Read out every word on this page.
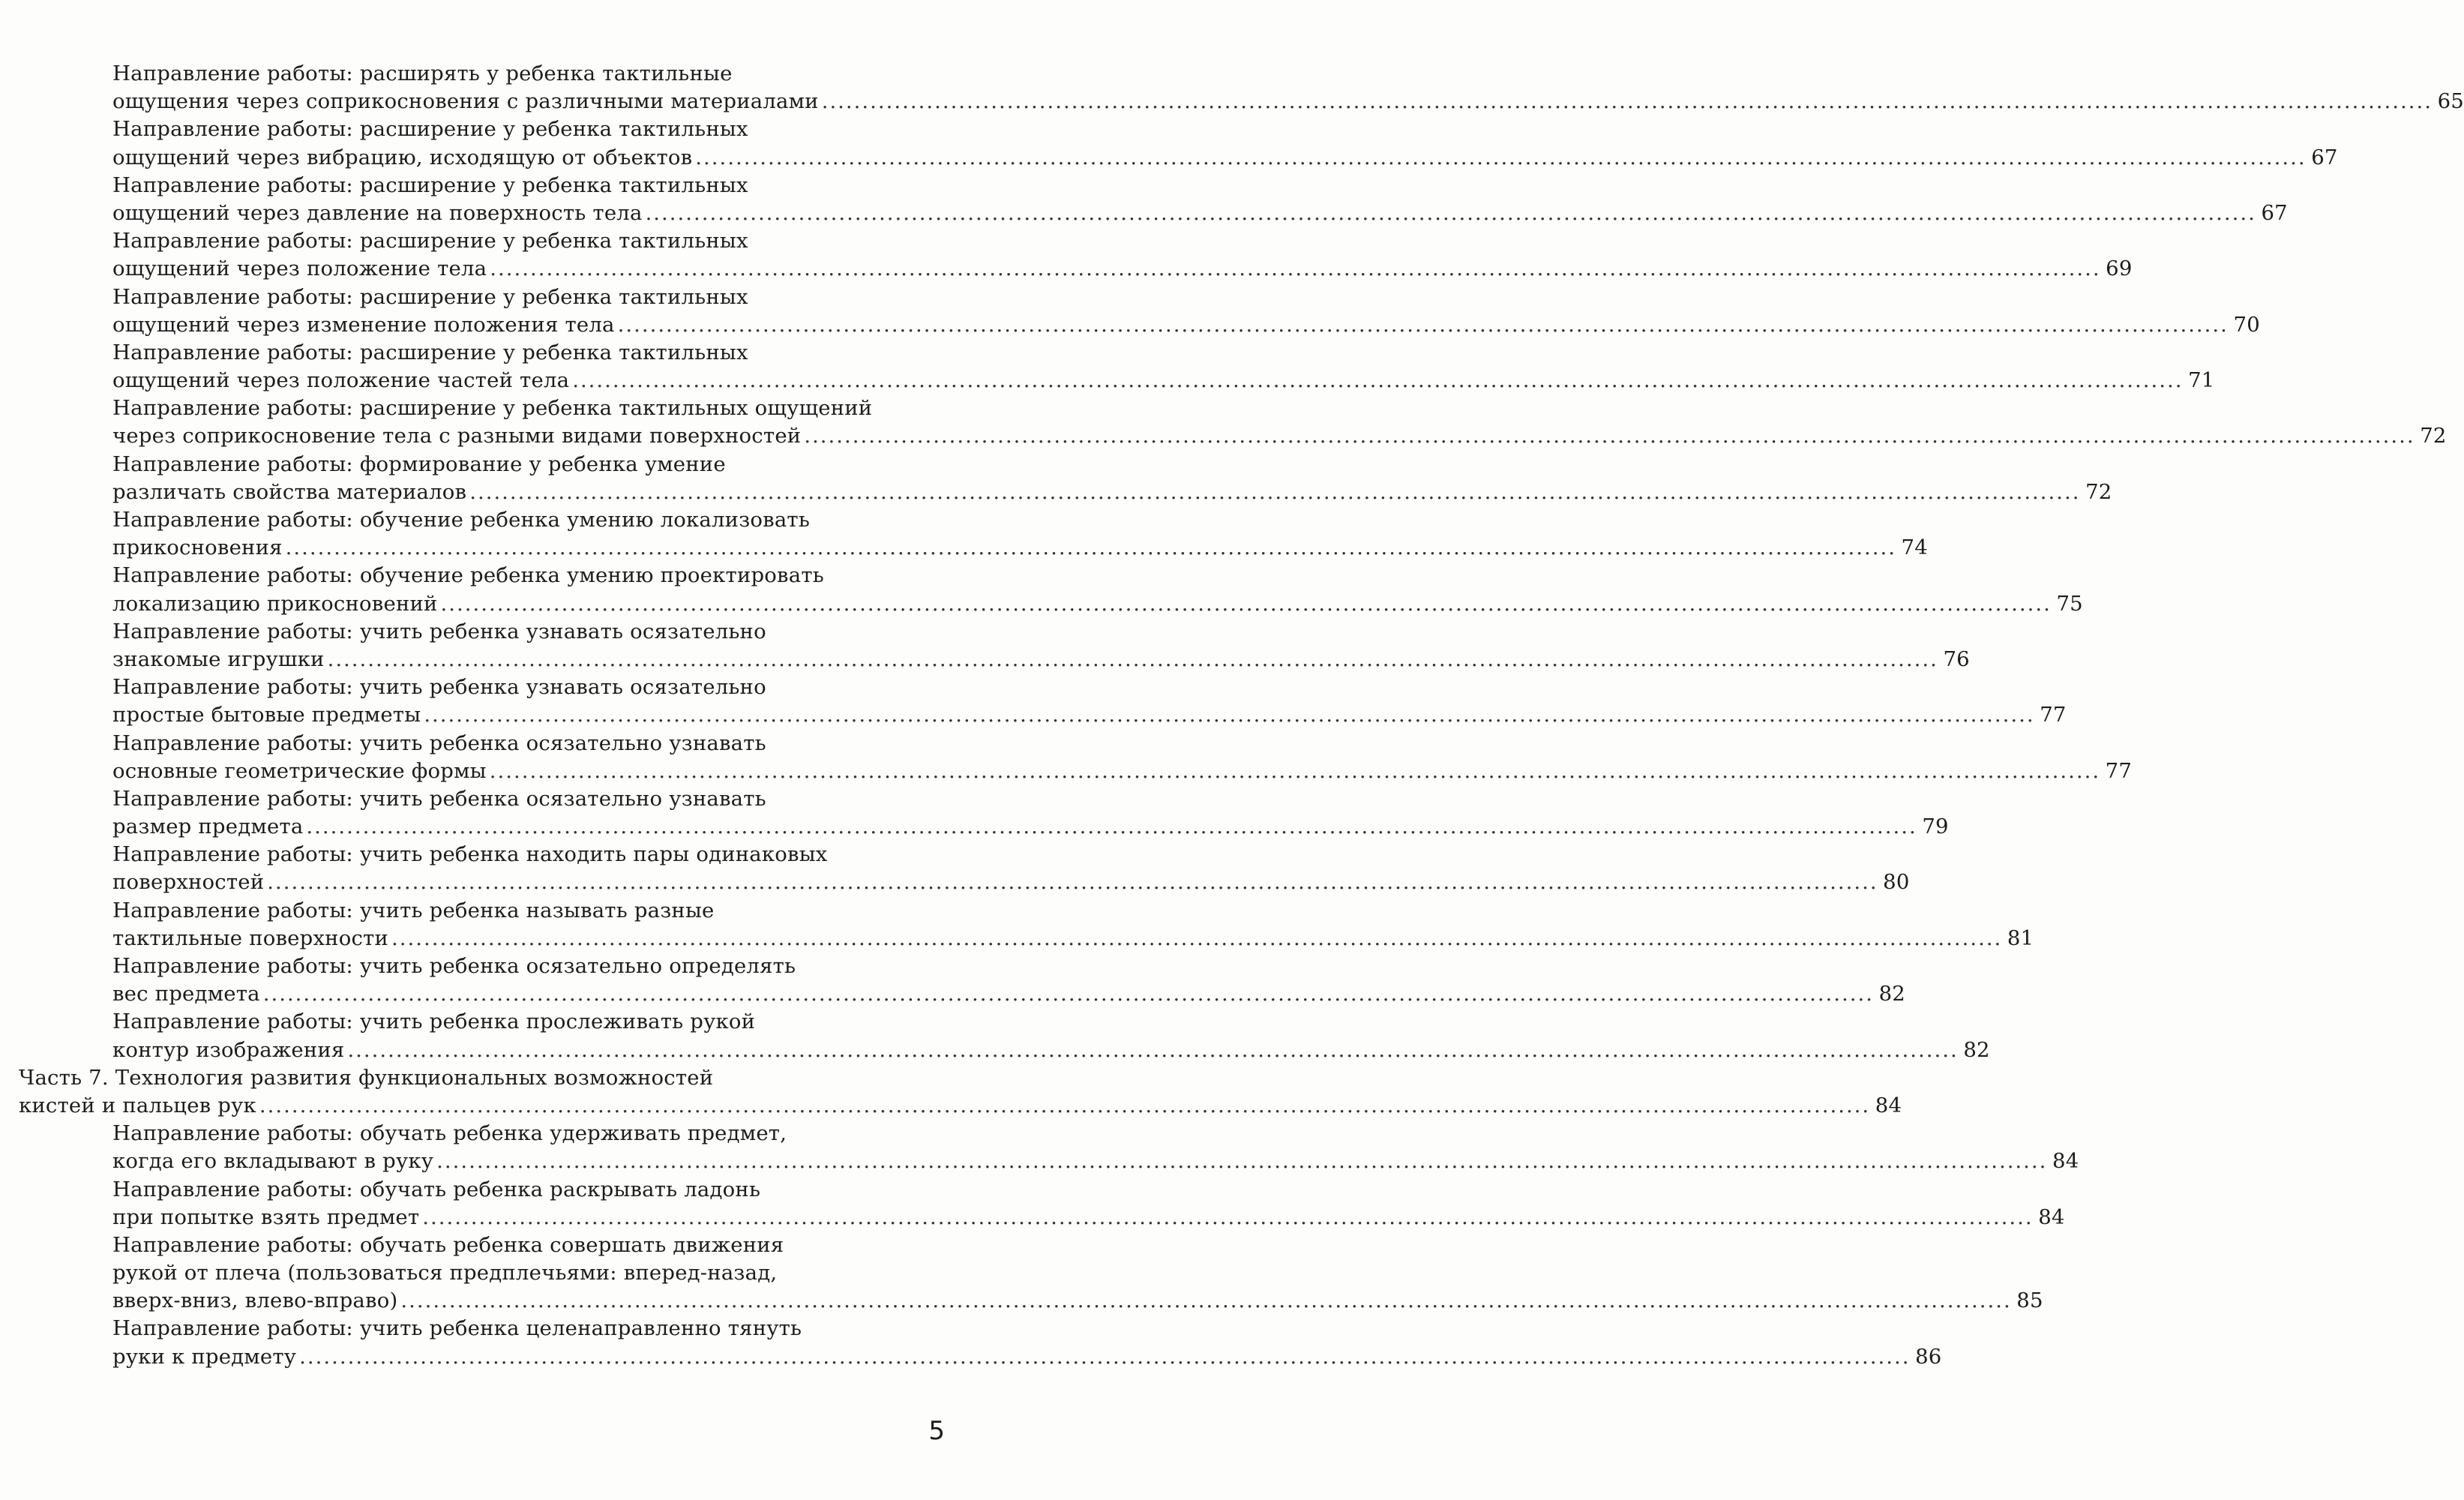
Направление работы: расширять у ребенка тактильные
ощущения через соприкосновения с различными материалами ........................................................................................................................................................................................................ 65
Направление работы: расширение у ребенка тактильных
ощущений через вибрацию, исходящую от объектов ........................................................................................................................................................................................................ 67
Направление работы: расширение у ребенка тактильных
ощущений через давление на поверхность тела ........................................................................................................................................................................................................ 67
Направление работы: расширение у ребенка тактильных
ощущений через положение тела ........................................................................................................................................................................................................ 69
Направление работы: расширение у ребенка тактильных
ощущений через изменение положения тела ........................................................................................................................................................................................................ 70
Направление работы: расширение у ребенка тактильных
ощущений через положение частей тела ........................................................................................................................................................................................................ 71
Направление работы: расширение у ребенка тактильных ощущений
через соприкосновение тела с разными видами поверхностей ........................................................................................................................................................................................................ 72
Направление работы: формирование у ребенка умение
различать свойства материалов ........................................................................................................................................................................................................ 72
Направление работы: обучение ребенка умению локализовать
прикосновения ........................................................................................................................................................................................................ 74
Направление работы: обучение ребенка умению проектировать
локализацию прикосновений ........................................................................................................................................................................................................ 75
Направление работы: учить ребенка узнавать осязательно
знакомые игрушки ........................................................................................................................................................................................................ 76
Направление работы: учить ребенка узнавать осязательно
простые бытовые предметы ........................................................................................................................................................................................................ 77
Направление работы: учить ребенка осязательно узнавать
основные геометрические формы ........................................................................................................................................................................................................ 77
Направление работы: учить ребенка осязательно узнавать
размер предмета ........................................................................................................................................................................................................ 79
Направление работы: учить ребенка находить пары одинаковых
поверхностей ........................................................................................................................................................................................................ 80
Направление работы: учить ребенка называть разные
тактильные поверхности ........................................................................................................................................................................................................ 81
Направление работы: учить ребенка осязательно определять
вес предмета ........................................................................................................................................................................................................ 82
Направление работы: учить ребенка прослеживать рукой
контур изображения ........................................................................................................................................................................................................ 82
Часть 7. Технология развития функциональных возможностей
кистей и пальцев рук ........................................................................................................................................................................................................ 84
Направление работы: обучать ребенка удерживать предмет,
когда его вкладывают в руку ........................................................................................................................................................................................................ 84
Направление работы: обучать ребенка раскрывать ладонь
при попытке взять предмет ........................................................................................................................................................................................................ 84
Направление работы: обучать ребенка совершать движения
рукой от плеча (пользоваться предплечьями: вперед-назад,
вверх-вниз, влево-вправо) ........................................................................................................................................................................................................ 85
Направление работы: учить ребенка целенаправленно тянуть
руки к предмету ........................................................................................................................................................................................................ 86
5
